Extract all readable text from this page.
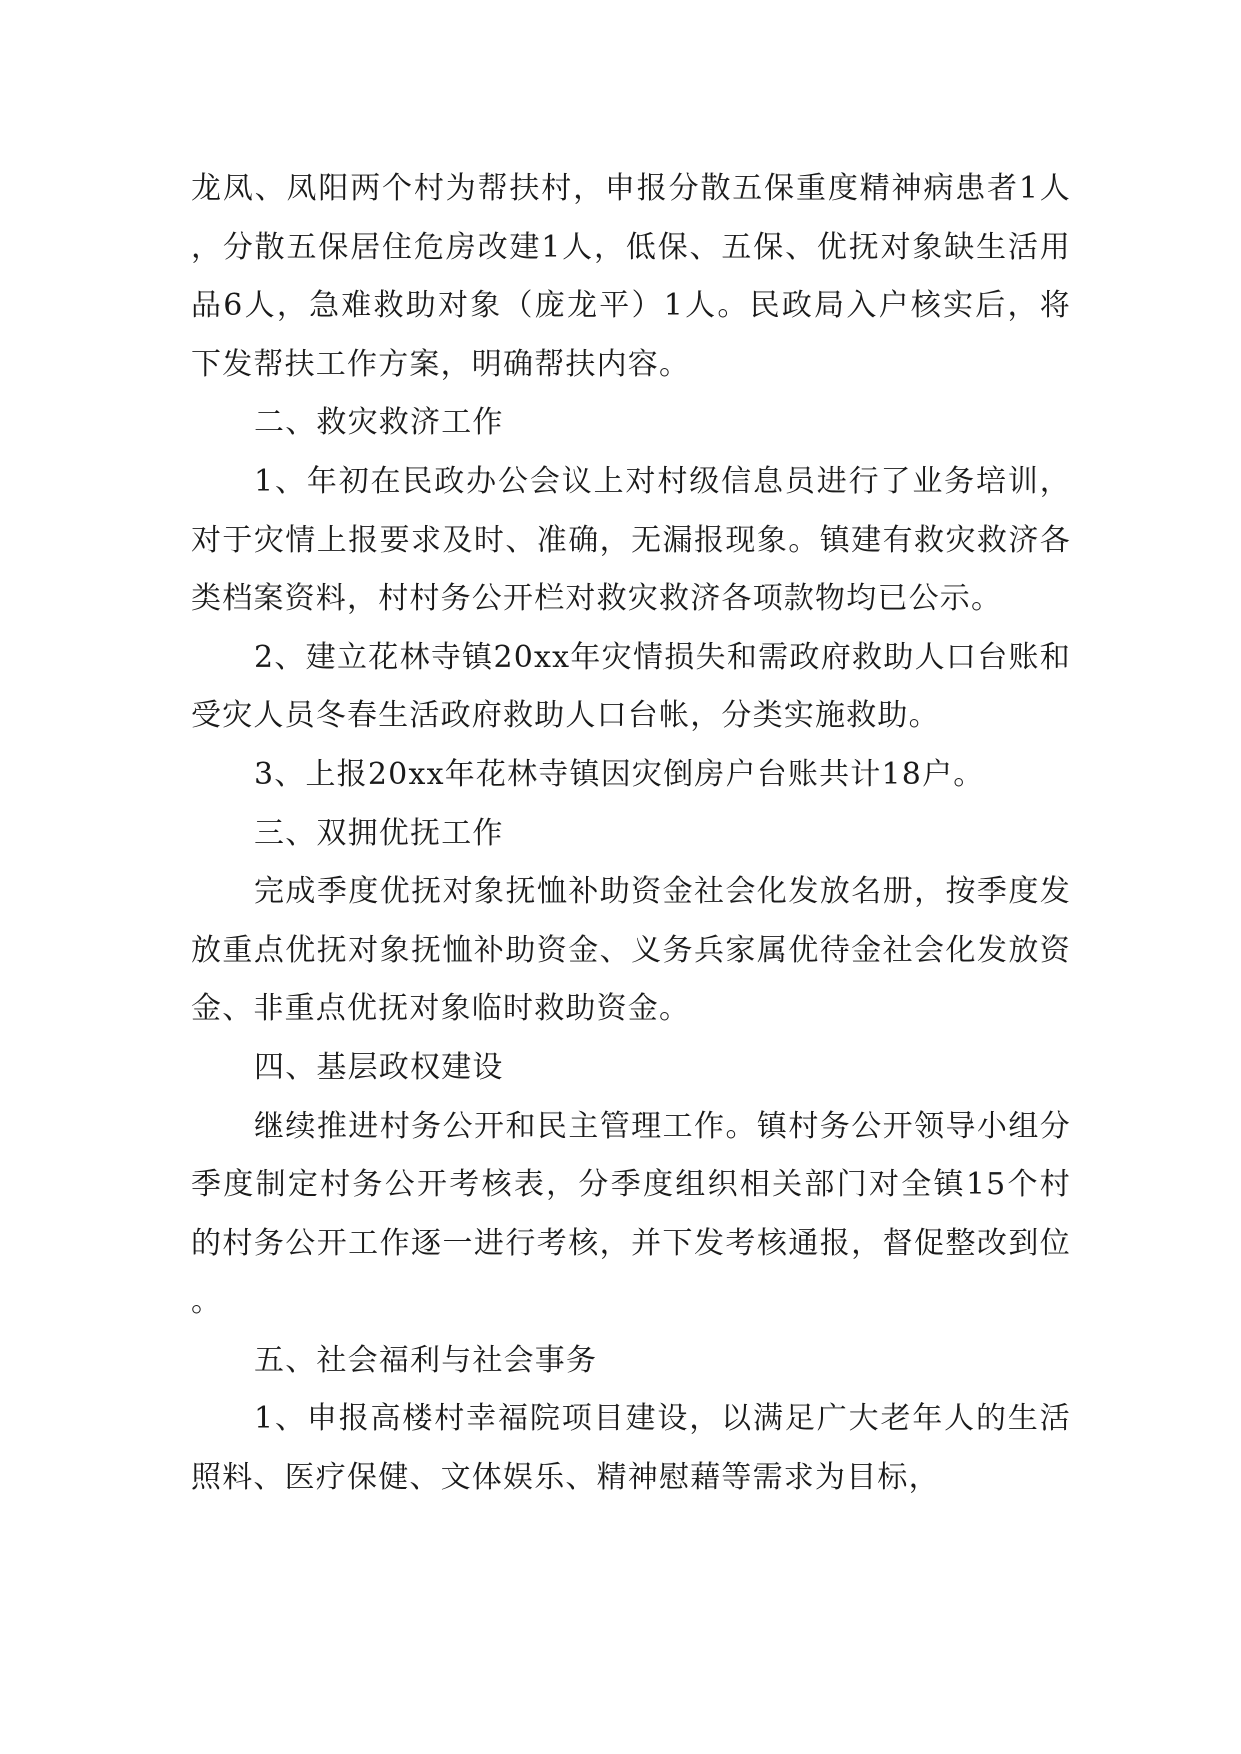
龙凤、凤阳两个村为帮扶村，申报分散五保重度精神病患者1人，分散五保居住危房改建1人，低保、五保、优抚对象缺生活用品6人，急难救助对象（庞龙平）1人。民政局入户核实后，将下发帮扶工作方案，明确帮扶内容。

二、救灾救济工作

1、年初在民政办公会议上对村级信息员进行了业务培训，对于灾情上报要求及时、准确，无漏报现象。镇建有救灾救济各类档案资料，村村务公开栏对救灾救济各项款物均已公示。

2、建立花林寺镇20xx年灾情损失和需政府救助人口台账和受灾人员冬春生活政府救助人口台帐，分类实施救助。

3、上报20xx年花林寺镇因灾倒房户台账共计18户。

三、双拥优抚工作

完成季度优抚对象抚恤补助资金社会化发放名册，按季度发放重点优抚对象抚恤补助资金、义务兵家属优待金社会化发放资金、非重点优抚对象临时救助资金。

四、基层政权建设

继续推进村务公开和民主管理工作。镇村务公开领导小组分季度制定村务公开考核表，分季度组织相关部门对全镇15个村的村务公开工作逐一进行考核，并下发考核通报，督促整改到位。

五、社会福利与社会事务

1、申报高楼村幸福院项目建设，以满足广大老年人的生活照料、医疗保健、文体娱乐、精神慰藉等需求为目标，
